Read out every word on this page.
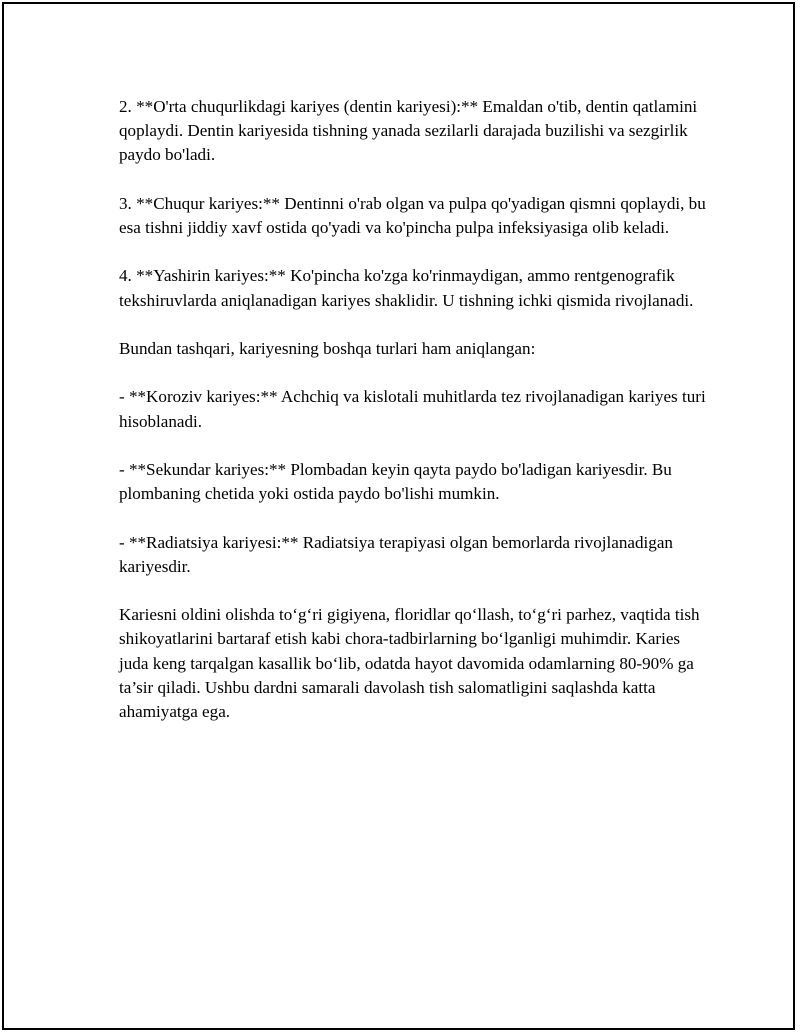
2. **O'rta chuqurlikdagi kariyes (dentin kariyesi):** Emaldan o'tib, dentin qatlamini qoplaydi. Dentin kariyesida tishning yanada sezilarli darajada buzilishi va sezgirlik paydo bo'ladi.

3. **Chuqur kariyes:** Dentinni o'rab olgan va pulpa qo'yadigan qismni qoplaydi, bu esa tishni jiddiy xavf ostida qo'yadi va ko'pincha pulpa infeksiyasiga olib keladi.

4. **Yashirin kariyes:** Ko'pincha ko'zga ko'rinmaydigan, ammo rentgenografik tekshiruvlarda aniqlanadigan kariyes shaklidir. U tishning ichki qismida rivojlanadi.

Bundan tashqari, kariyesning boshqa turlari ham aniqlangan:

- **Koroziv kariyes:** Achchiq va kislotali muhitlarda tez rivojlanadigan kariyes turi hisoblanadi.

- **Sekundar kariyes:** Plombadan keyin qayta paydo bo'ladigan kariyesdir. Bu plombaning chetida yoki ostida paydo bo'lishi mumkin.

- **Radiatsiya kariyesi:** Radiatsiya terapiyasi olgan bemorlarda rivojlanadigan kariyesdir.

Kariesni oldini olishda to‘g‘ri gigiyena, floridlar qo‘llash, to‘g‘ri parhez, vaqtida tish shikoyatlarini bartaraf etish kabi chora-tadbirlarning bo‘lganligi muhimdir. Karies juda keng tarqalgan kasallik bo‘lib, odatda hayot davomida odamlarning 80-90% ga ta’sir qiladi. Ushbu dardni samarali davolash tish salomatligini saqlashda katta ahamiyatga ega.
